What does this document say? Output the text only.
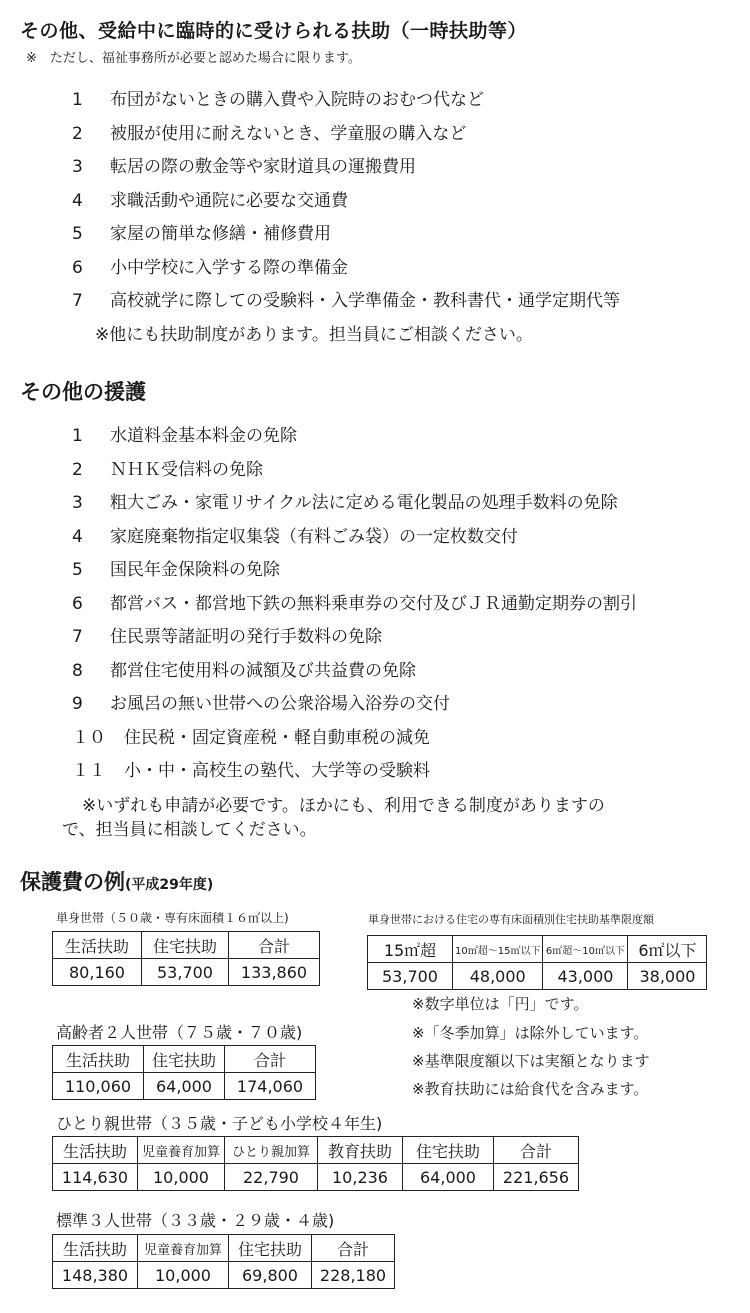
その他、受給中に臨時的に受けられる扶助（一時扶助等）
※　ただし、福祉事務所が必要と認めた場合に限ります。
1	布団がないときの購入費や入院時のおむつ代など
2	被服が使用に耐えないとき、学童服の購入など
3	転居の際の敷金等や家財道具の運搬費用
4	求職活動や通院に必要な交通費
5	家屋の簡単な修繕・補修費用
6	小中学校に入学する際の準備金
7	高校就学に際しての受験料・入学準備金・教科書代・通学定期代等
※他にも扶助制度があります。担当員にご相談ください。
その他の援護
1	水道料金基本料金の免除
2	ＮＨＫ受信料の免除
3	粗大ごみ・家電リサイクル法に定める電化製品の処理手数料の免除
4	家庭廃棄物指定収集袋（有料ごみ袋）の一定枚数交付
5	国民年金保険料の免除
6	都営バス・都営地下鉄の無料乗車券の交付及びＪＲ通勤定期券の割引
7	住民票等諸証明の発行手数料の免除
8	都営住宅使用料の減額及び共益費の免除
9	お風呂の無い世帯への公衆浴場入浴券の交付
１０	住民税・固定資産税・軽自動車税の減免
１１	小・中・高校生の塾代、大学等の受験料
※いずれも申請が必要です。ほかにも、利用できる制度がありますの
で、担当員に相談してください。
保護費の例(平成29年度)
単身世帯（５０歳・専有床面積１６㎡以上)
生活扶助	住宅扶助	合計
80,160	53,700	133,860
単身世帯における住宅の専有床面積別住宅扶助基準限度額
15㎡超	10㎡超〜15㎡以下	6㎡超〜10㎡以下	6㎡以下
53,700	48,000	43,000	38,000
※数字単位は「円」です。
※「冬季加算」は除外しています。
※基準限度額以下は実額となります
※教育扶助には給食代を含みます。
高齢者２人世帯（７５歳・７０歳)
生活扶助	住宅扶助	合計
110,060	64,000	174,060
ひとり親世帯（３５歳・子ども小学校４年生)
生活扶助	児童養育加算	ひとり親加算	教育扶助	住宅扶助	合計
114,630	10,000	22,790	10,236	64,000	221,656
標準３人世帯（３３歳・２９歳・４歳)
生活扶助	児童養育加算	住宅扶助	合計
148,380	10,000	69,800	228,180
